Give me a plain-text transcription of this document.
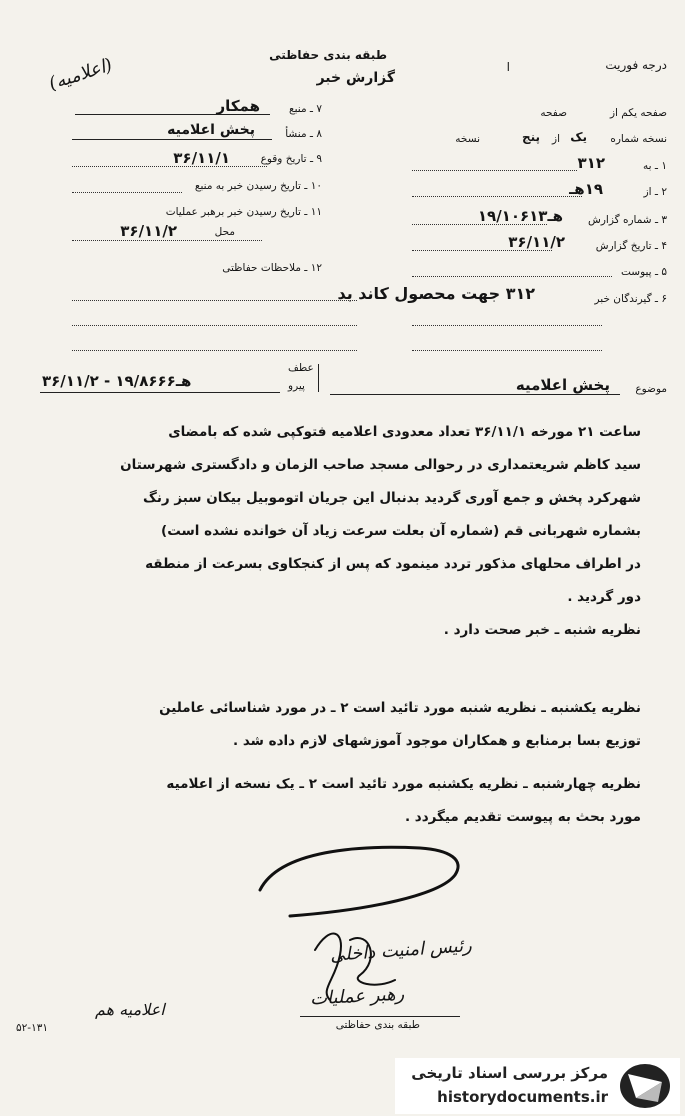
طبقه بندی حفاظتی
گزارش خبر
درجه فوریت
ا
(اعلامیه)
۷ ـ منبع
همکار
۸ ـ منشأ
پخش اعلامیه
۹ ـ تاریخ وقوع
۳۶/۱۱/۱
۱۰ ـ تاریخ رسیدن خبر به منبع
۱۱ ـ تاریخ رسیدن خبر برهبر عملیات
محل
۳۶/۱۱/۲
۱۲ ـ ملاحظات حفاظتی
صفحه یکم از
صفحه
نسخه شماره
یک
از
پنج
نسخه
۱ ـ به
۳۱۲
۲ ـ از
۱۹هـ
۳ ـ شماره گزارش
۱۹/۱۰۶۱۳هـ
۴ ـ تاریخ گزارش
۳۶/۱۱/۲
۵ ـ پیوست
۶ ـ گیرندگان خبر
۳۱۲ جهت محصول کاند بد
موضوع
پخش اعلامیه
عطف
پیرو
۳۶/۱۱/۲ - ۱۹/۸۶۶۶هـ
ساعت ۲۱ مورخه ۳۶/۱۱/۱ تعداد معدودی اعلامیه فتوکپی شده که بامضای
سید کاظم شریعتمداری در رحوالی مسجد صاحب الزمان و دادگستری شهرستان
شهرکرد پخش و جمع آوری گردید بدنبال این جریان اتوموبیل بیکان سبز رنگ
بشماره شهربانی قم (شماره آن بعلت سرعت زیاد آن خوانده نشده است)
در اطراف محلهای مذکور تردد مینمود که پس از کنجکاوی بسرعت از منطقه
دور گردید .
نظریه شنبه ـ خبر صحت دارد .
نظریه یکشنبه ـ نظریه شنبه مورد تائید است ۲ ـ در مورد شناسائی عاملین
توزیع بسا برمنابع و همکاران موجود آموزشهای لازم داده شد .
نظریه چهارشنبه ـ نظریه یکشنبه مورد تائید است ۲ ـ یک نسخه از اعلامیه
مورد بحث به پیوست تقدیم میگردد .
رئیس امنیت داخلی
رهبر عملیات
اعلامیه هم
طبقه بندی حفاظتی
۵۲-۱۳۱
مرکز بررسی اسناد تاریخی
historydocuments.ir
